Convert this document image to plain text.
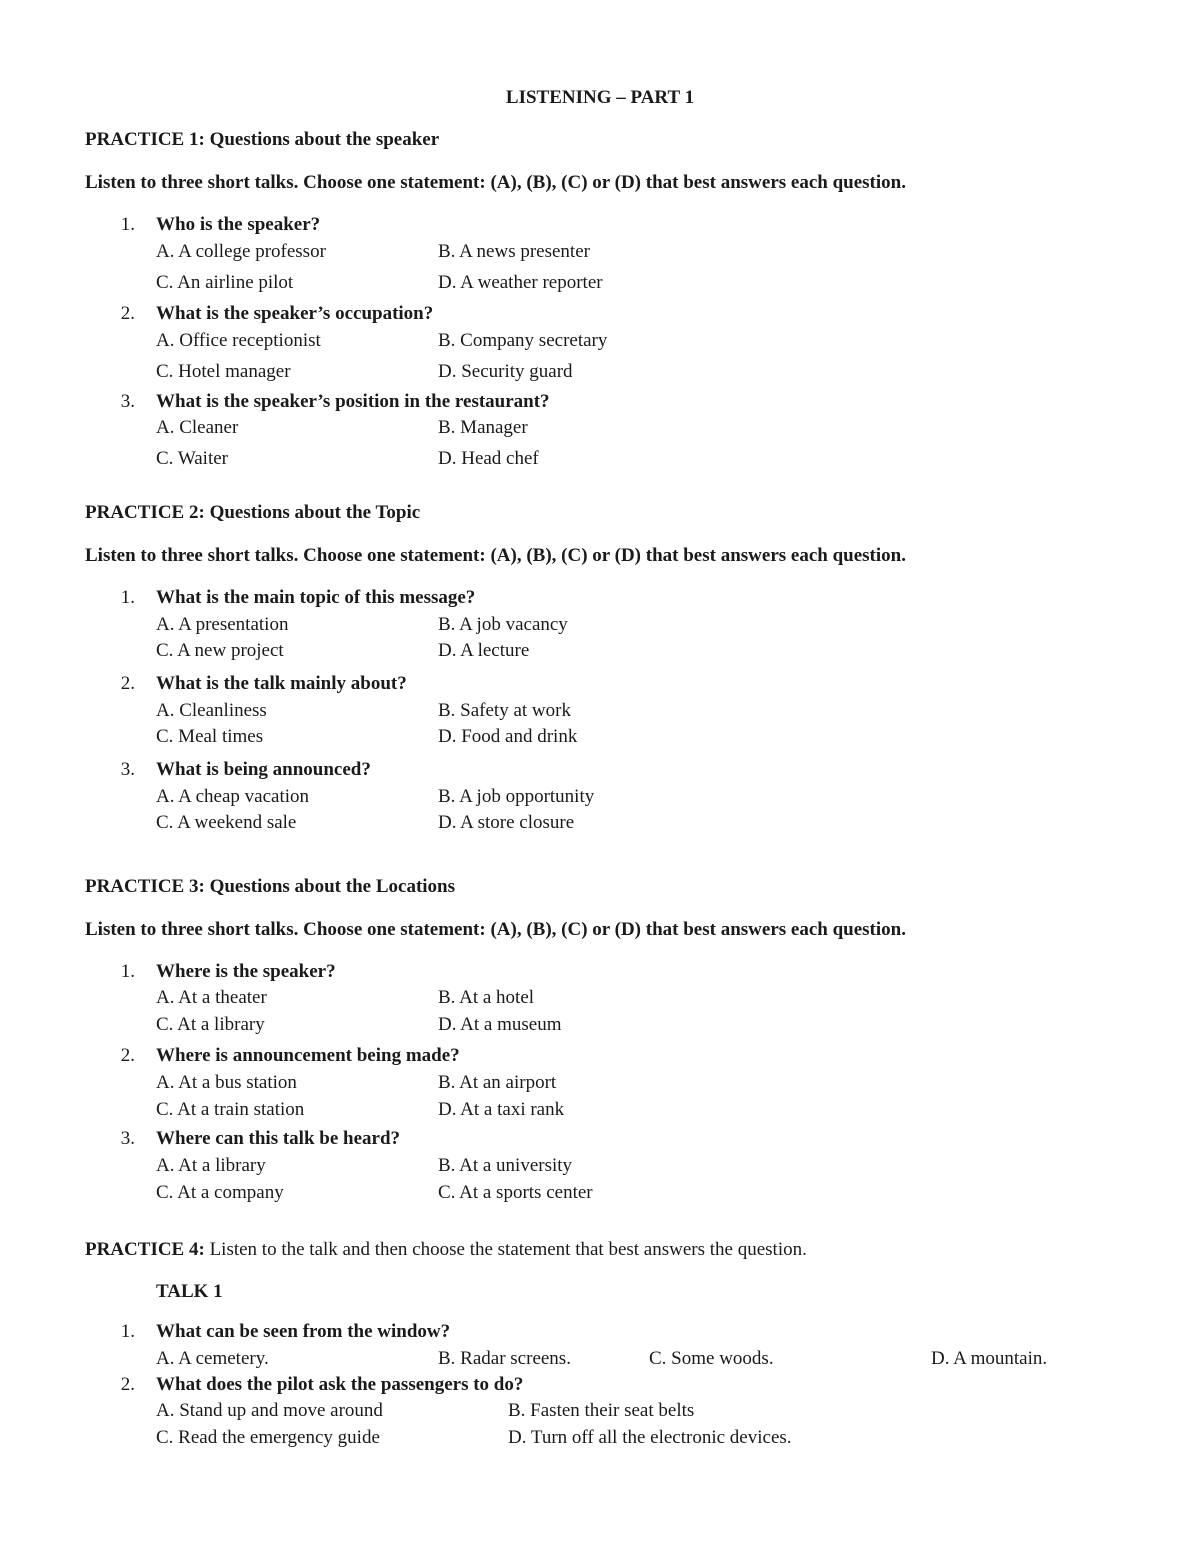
LISTENING – PART 1
PRACTICE 1: Questions about the speaker
Listen to three short talks. Choose one statement: (A), (B), (C) or (D) that best answers each question.
1. Who is the speaker?
A. A college professor	B. A news presenter
C. An airline pilot	D. A weather reporter
2. What is the speaker’s occupation?
A. Office receptionist	B. Company secretary
C. Hotel manager	D. Security guard
3. What is the speaker’s position in the restaurant?
A. Cleaner	B. Manager
C. Waiter	D. Head chef
PRACTICE 2: Questions about the Topic
Listen to three short talks. Choose one statement: (A), (B), (C) or (D) that best answers each question.
1. What is the main topic of this message?
A. A presentation	B. A job vacancy
C. A new project	D. A lecture
2. What is the talk mainly about?
A. Cleanliness	B. Safety at work
C. Meal times	D. Food and drink
3. What is being announced?
A. A cheap vacation	B. A job opportunity
C. A weekend sale	D. A store closure
PRACTICE 3: Questions about the Locations
Listen to three short talks. Choose one statement: (A), (B), (C) or (D) that best answers each question.
1. Where is the speaker?
A. At a theater	B. At a hotel
C. At a library	D. At a museum
2. Where is announcement being made?
A. At a bus station	B. At an airport
C. At a train station	D. At a taxi rank
3. Where can this talk be heard?
A. At a library	B. At a university
C. At a company	C. At a sports center
PRACTICE 4: Listen to the talk and then choose the statement that best answers the question.
TALK 1
1. What can be seen from the window?
A. A cemetery.	B. Radar screens.	C. Some woods.	D. A mountain.
2. What does the pilot ask the passengers to do?
A. Stand up and move around	B. Fasten their seat belts
C. Read the emergency guide	D. Turn off all the electronic devices.
